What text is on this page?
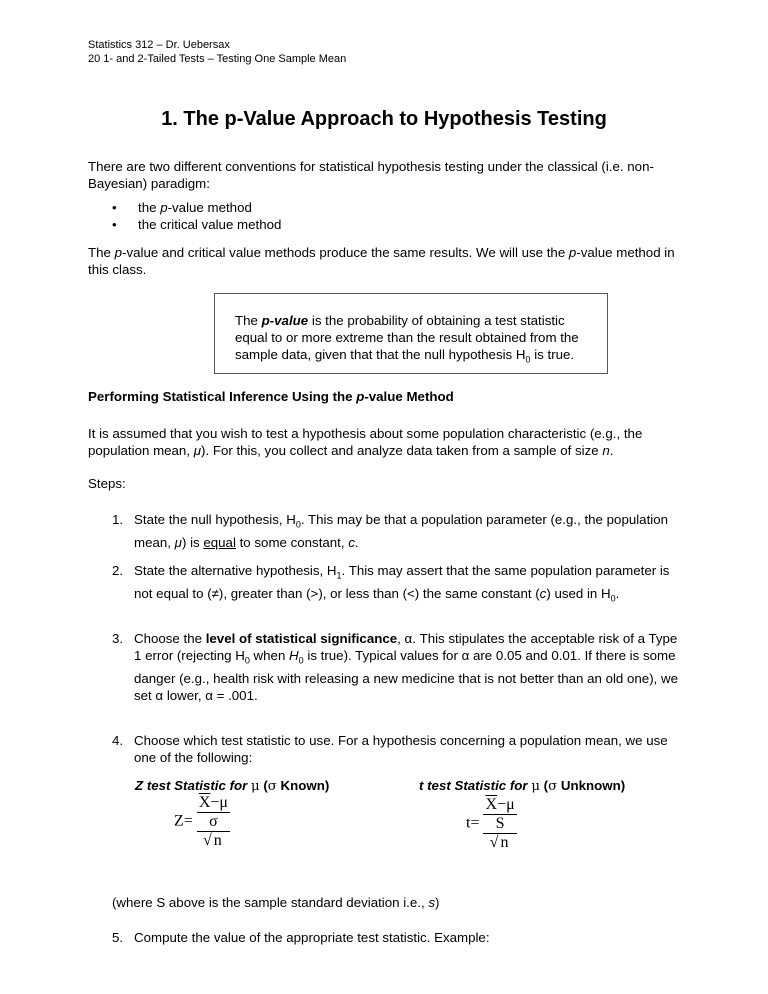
Statistics 312 – Dr. Uebersax
20 1- and 2-Tailed Tests – Testing One Sample Mean
1. The p-Value Approach to Hypothesis Testing
There are two different conventions for statistical hypothesis testing under the classical (i.e. non-Bayesian) paradigm:
• the p-value method
• the critical value method
The p-value and critical value methods produce the same results. We will use the p-value method in this class.
The p-value is the probability of obtaining a test statistic equal to or more extreme than the result obtained from the sample data, given that that the null hypothesis $H_0$ is true.
Performing Statistical Inference Using the p-value Method
It is assumed that you wish to test a hypothesis about some population characteristic (e.g., the population mean, μ). For this, you collect and analyze data taken from a sample of size n.
Steps:
1. State the null hypothesis, $H_0$. This may be that a population parameter (e.g., the population mean, μ) is equal to some constant, c.
2. State the alternative hypothesis, $H_1$. This may assert that the same population parameter is not equal to (≠), greater than (>), or less than (<) the same constant (c) used in $H_0$.
3. Choose the level of statistical significance, α. This stipulates the acceptable risk of a Type 1 error (rejecting $H_0$ when $H_0$ is true). Typical values for α are 0.05 and 0.01. If there is some danger (e.g., health risk with releasing a new medicine that is not better than an old one), we set α lower, α = .001.
4. Choose which test statistic to use. For a hypothesis concerning a population mean, we use one of the following:
Z test Statistic for μ (σ Known)
$Z= \overline{X}-\mu$
σ
√ n
t test Statistic for μ (σ Unknown)
$t= \overline{X}-\mu$
S
√ n
(where S above is the sample standard deviation i.e., s)
5. Compute the value of the appropriate test statistic. Example:
